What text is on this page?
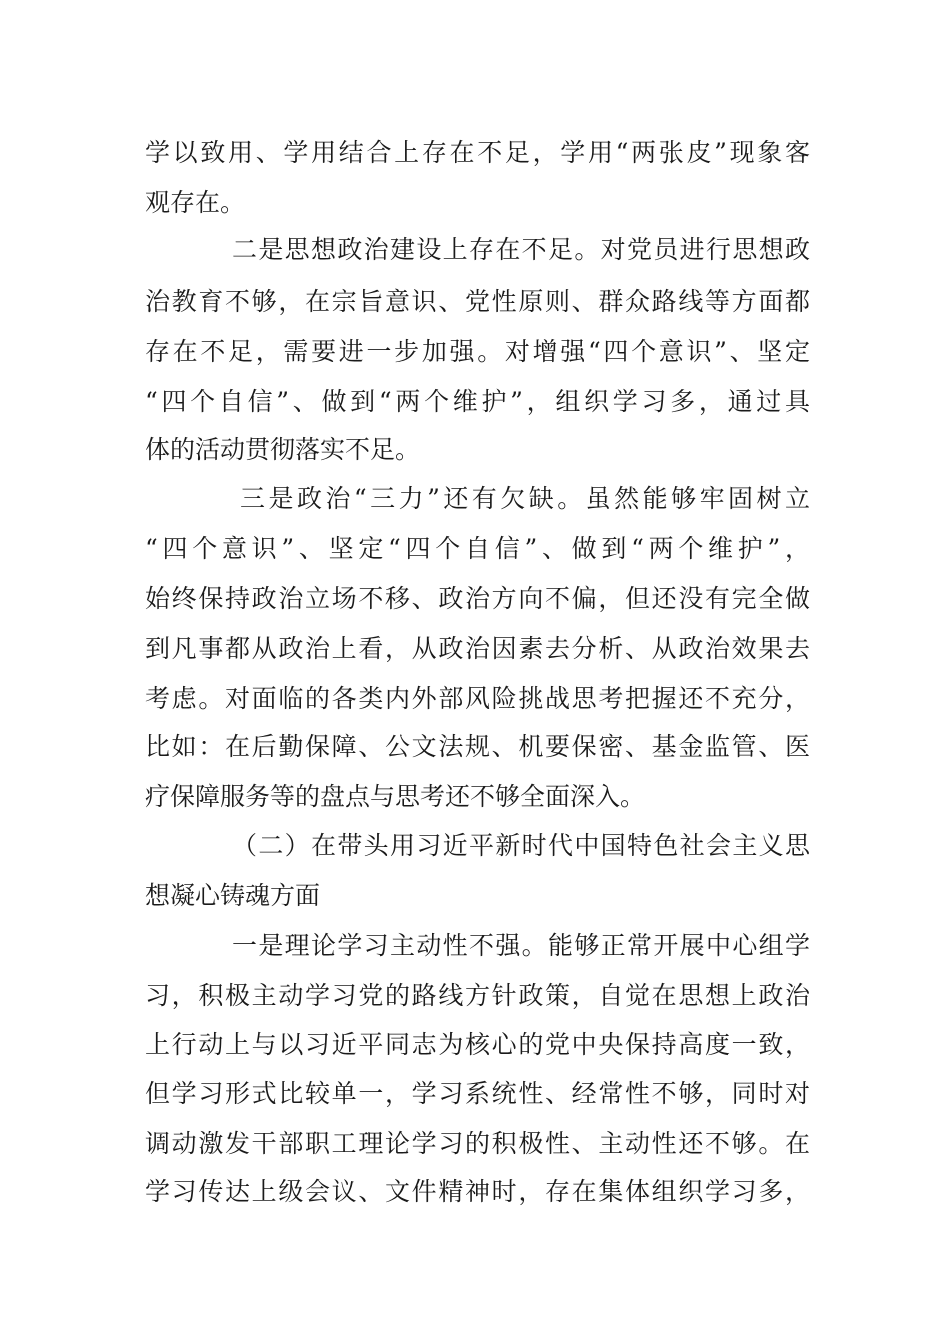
学以致用、学用结合上存在不足，学用“两张皮”现象客

观存在。

二是思想政治建设上存在不足。对党员进行思想政

治教育不够，在宗旨意识、党性原则、群众路线等方面都

存在不足，需要进一步加强。对增强“四个意识”、坚定

“四个自信”、做到“两个维护”，组织学习多，通过具

体的活动贯彻落实不足。

三是政治“三力”还有欠缺。虽然能够牢固树立

“四个意识”、坚定“四个自信”、做到“两个维护”，

始终保持政治立场不移、政治方向不偏，但还没有完全做

到凡事都从政治上看，从政治因素去分析、从政治效果去

考虑。对面临的各类内外部风险挑战思考把握还不充分，

比如：在后勤保障、公文法规、机要保密、基金监管、医

疗保障服务等的盘点与思考还不够全面深入。

（二）在带头用习近平新时代中国特色社会主义思

想凝心铸魂方面

一是理论学习主动性不强。能够正常开展中心组学

习，积极主动学习党的路线方针政策，自觉在思想上政治

上行动上与以习近平同志为核心的党中央保持高度一致，

但学习形式比较单一，学习系统性、经常性不够，同时对

调动激发干部职工理论学习的积极性、主动性还不够。在

学习传达上级会议、文件精神时，存在集体组织学习多，
